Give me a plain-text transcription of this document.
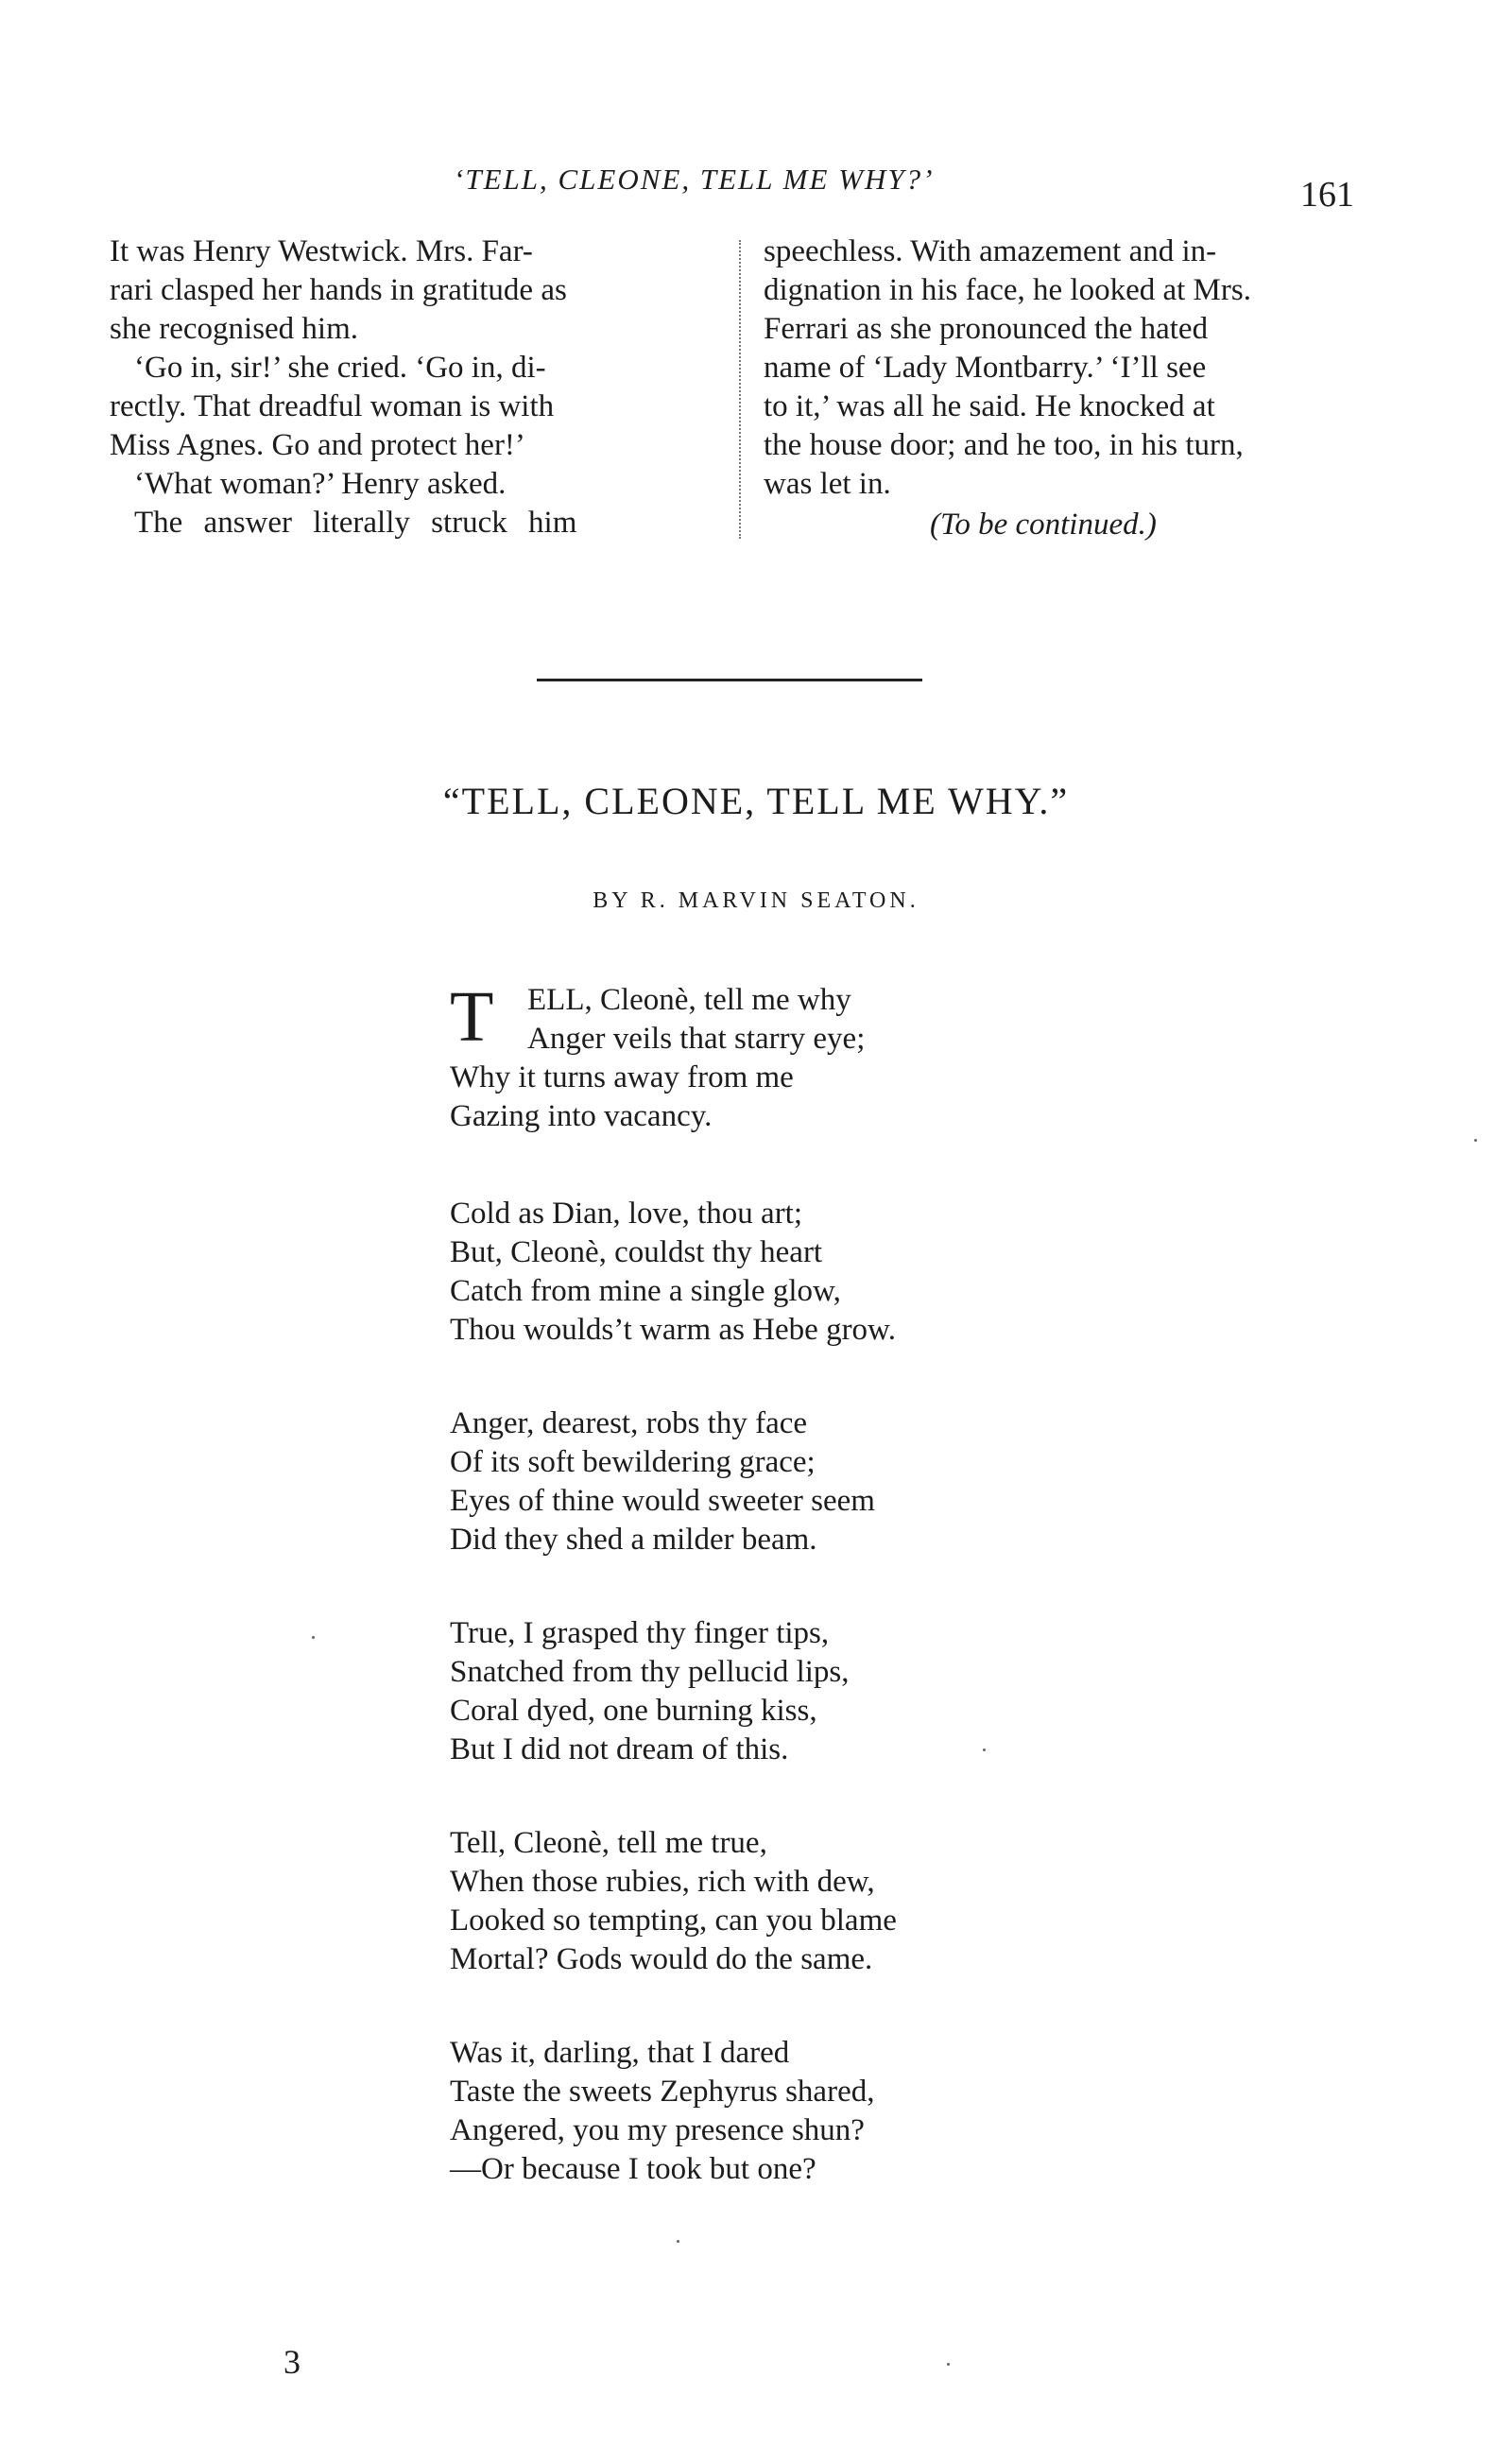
‘TELL, CLEONE, TELL ME WHY?’	161
It was Henry Westwick. Mrs. Far-
rari clasped her hands in gratitude as
she recognised him.
‘Go in, sir!’ she cried. ‘Go in, di-
rectly. That dreadful woman is with
Miss Agnes. Go and protect her!’
‘What woman?’ Henry asked.
The answer literally struck him
speechless. With amazement and in-
dignation in his face, he looked at Mrs.
Ferrari as she pronounced the hated
name of ‘Lady Montbarry.’ ‘I’ll see
to it,’ was all he said. He knocked at
the house door; and he too, in his turn,
was let in.
(To be continued.)
“TELL, CLEONE, TELL ME WHY.”
BY R. MARVIN SEATON.
T	ELL, Cleonè, tell me why
Anger veils that starry eye;
Why it turns away from me
Gazing into vacancy.
Cold as Dian, love, thou art;
But, Cleonè, couldst thy heart
Catch from mine a single glow,
Thou woulds’t warm as Hebe grow.
Anger, dearest, robs thy face
Of its soft bewildering grace;
Eyes of thine would sweeter seem
Did they shed a milder beam.
True, I grasped thy finger tips,
Snatched from thy pellucid lips,
Coral dyed, one burning kiss,
But I did not dream of this.
Tell, Cleonè, tell me true,
When those rubies, rich with dew,
Looked so tempting, can you blame
Mortal? Gods would do the same.
Was it, darling, that I dared
Taste the sweets Zephyrus shared,
Angered, you my presence shun?
—Or because I took but one?
3
